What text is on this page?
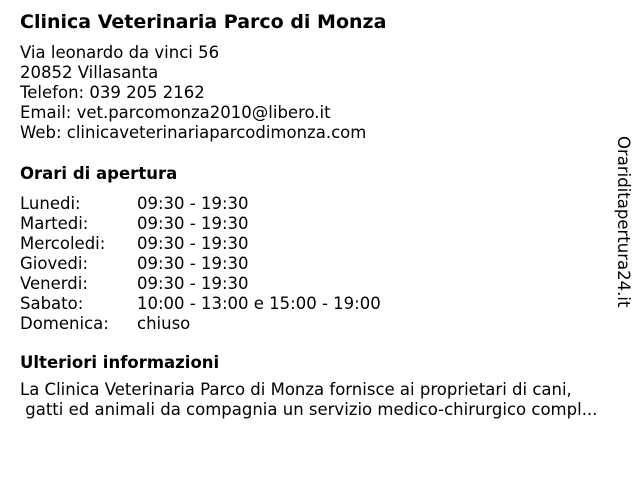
Clinica Veterinaria Parco di Monza
Via leonardo da vinci 56
20852 Villasanta
Telefon: 039 205 2162
Email: vet.parcomonza2010@libero.it
Web: clinicaveterinariaparcodimonza.com
Orari di apertura
Lunedi:	09:30 - 19:30
Martedi:	09:30 - 19:30
Mercoledi: 09:30 - 19:30
Giovedi:	09:30 - 19:30
Venerdi:	09:30 - 19:30
Sabato:	10:00 - 13:00 e 15:00 - 19:00
Domenica: chiuso
Ulteriori informazioni
La Clinica Veterinaria Parco di Monza fornisce ai proprietari di cani,
gatti ed animali da compagnia un servizio medico-chirurgico compl...
Orariditapertura24.it
